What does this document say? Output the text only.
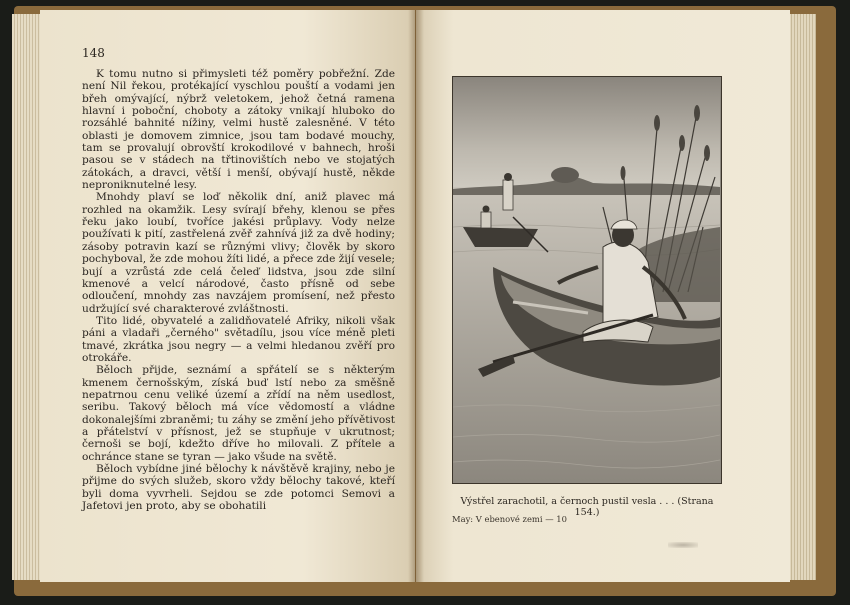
148

K tomu nutno si přimysleti též poměry pobřežní. Zde není Nil řekou, protékající vyschlou pouští a vodami jen břeh omývající, nýbrž veletokem, jehož četná ramena hlavní i poboční, choboty a zátoky vnikají hluboko do rozsáhlé bahnité nížiny, velmi hustě zalesněné. V této oblasti je domovem zimnice, jsou tam bodavé mouchy, tam se provalují obrovští krokodilové v bahnech, hroši pasou se v stádech na třtinovištích nebo ve stojatých zátokách, a dravci, větší i menší, obývají hustě, někde neproniknutelné lesy.

Mnohdy plaví se loď několik dní, aniž plavec má rozhled na okamžik. Lesy svírají břehy, klenou se přes řeku jako loubí, tvoříce jakési průplavy. Vody nelze používati k pití, zastřelená zvěř zahnívá již za dvě hodiny; zásoby potravin kazí se různými vlivy; člověk by skoro pochyboval, že zde mohou žíti lidé, a přece zde žijí vesele; bují a vzrůstá zde celá čeleď lidstva, jsou zde silní kmenové a velcí národové, často přísně od sebe odloučení, mnohdy zas navzájem promísení, než přesto udržující své charakterové zvláštnosti.

Tito lidé, obyvatelé a zalidňovatelé Afriky, nikoli však páni a vladaři „černého" světadílu, jsou více méně pleti tmavé, zkrátka jsou negry — a velmi hledanou zvěří pro otrokáře.

Běloch přijde, seznámí a spřátelí se s některým kmenem černošským, získá buď lstí nebo za směšně nepatrnou cenu veliké území a zřídí na něm usedlost, seribu. Takový běloch má více vědomostí a vládne dokonalejšími zbraněmi; tu záhy se změní jeho přívětivost a přátelství v přísnost, jež se stupňuje v ukrutnost; černoši se bojí, kdežto dříve ho milovali. Z přítele a ochránce stane se tyran — jako všude na světě.

Běloch vybídne jiné bělochy k návštěvě krajiny, nebo je přijme do svých služeb, skoro vždy bělochy takové, kteří byli doma vyvrheli. Sejdou se zde potomci Semovi a Jafetovi jen proto, aby se obohatili	Výstřel zarachotil, a černoch pustil vesla . . . (Strana 154.)

May: V ebenové zemi — 10
